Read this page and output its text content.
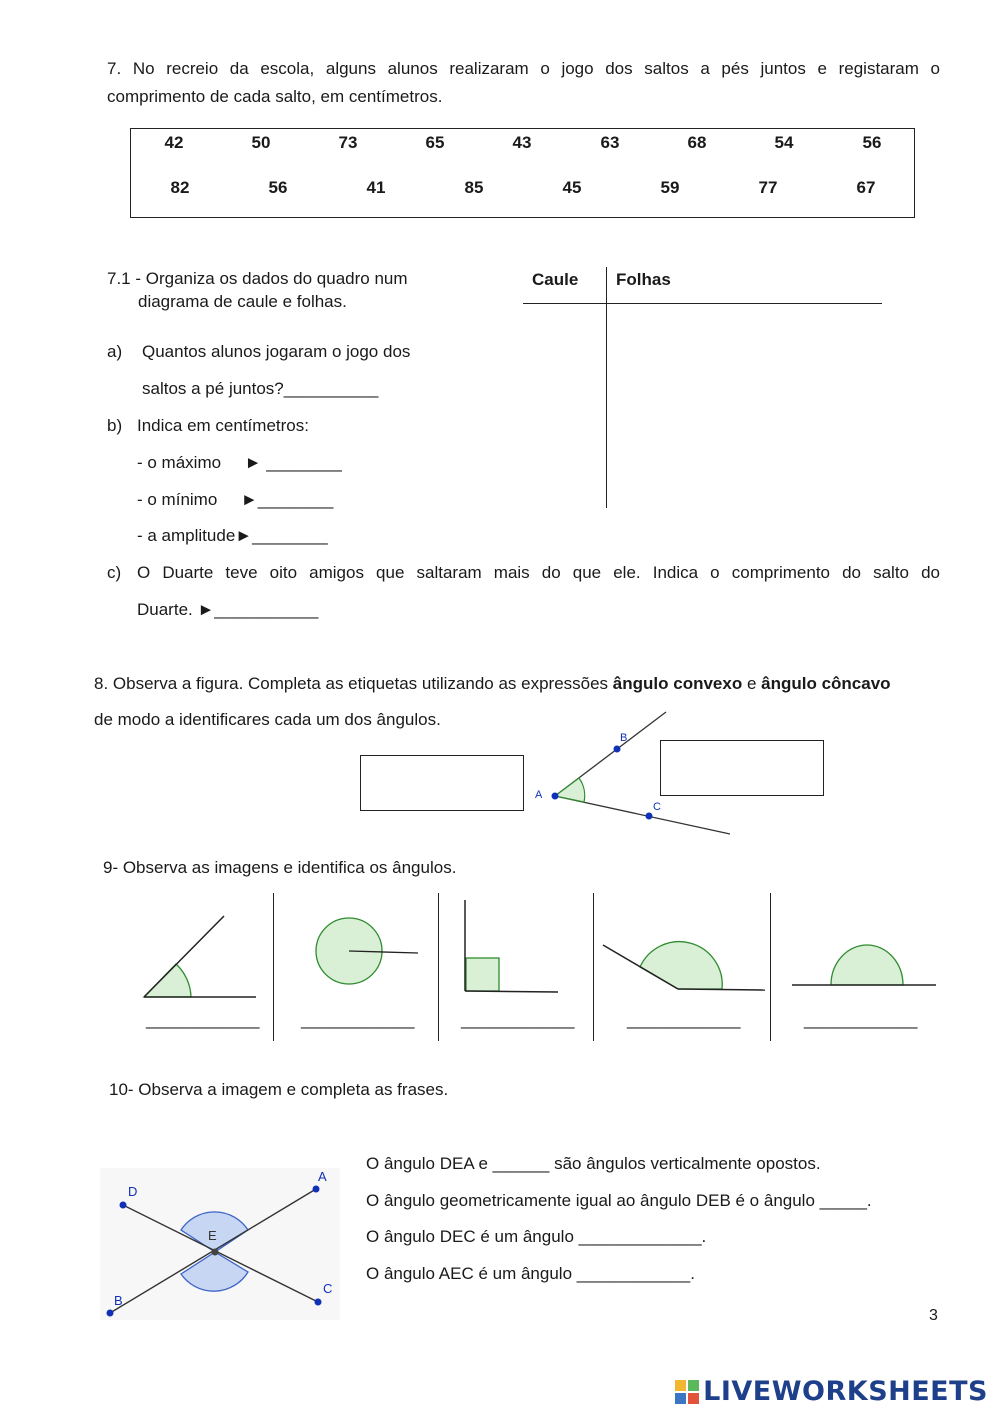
7. No recreio da escola, alguns alunos realizaram o jogo dos saltos a pés juntos e registaram o
comprimento de cada salto, em centímetros.
42	50	73	65	43	63	68	54	56
82	56	41	85	45	59	77	67
7.1 - Organiza os dados do quadro num
diagrama de caule e folhas.
Caule Folhas
a) Quantos alunos jogaram o jogo dos
saltos a pé juntos?__________
b) Indica em centímetros:
- o máximo     ► ________
- o mínimo     ►________
- a amplitude►________
c) O Duarte teve oito amigos que saltaram mais do que ele. Indica o comprimento do salto do
Duarte. ►___________
8. Observa a figura. Completa as etiquetas utilizando as expressões ângulo convexo e ângulo côncavo
de modo a identificares cada um dos ângulos.
A
B
C
9- Observa as imagens e identifica os ângulos.
____________ ____________	____________	____________	____________
10- Observa a imagem e completa as frases.
D
A
E
B
C
O ângulo DEA e ______ são ângulos verticalmente opostos.
O ângulo geometricamente igual ao ângulo DEB é o ângulo _____.
O ângulo DEC é um ângulo _____________.
O ângulo AEC é um ângulo ____________.
3
LIVEWORKSHEETS
